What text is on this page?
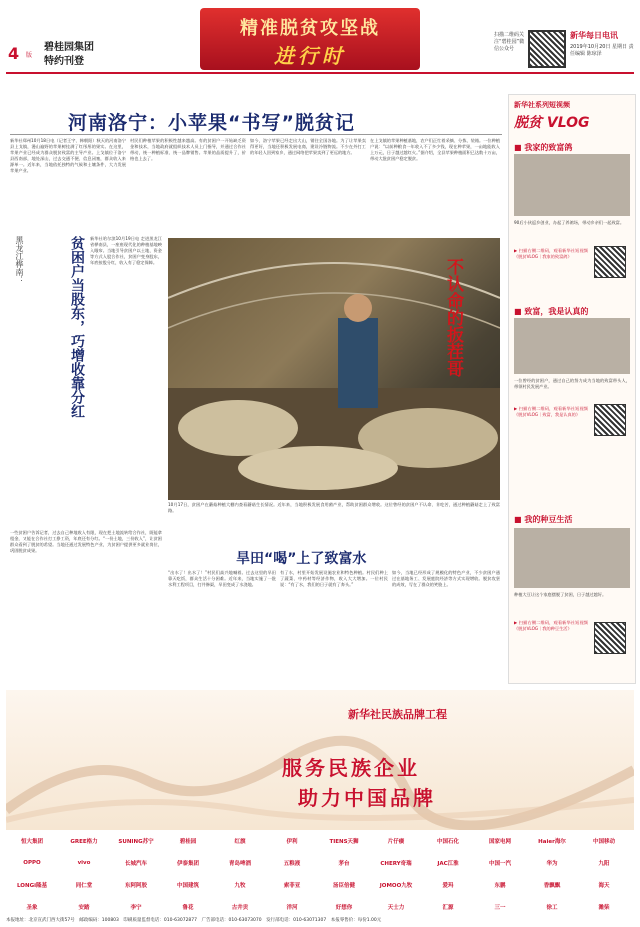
4 版
碧桂园集团
特约刊登
精准脱贫攻坚战
进行时
扫描二维码关注“碧桂园”微信公众号
新华每日电讯
2019年10月20日 星期日 责任编辑 陈琼泽
河南洛宁：小苹果“书写”脱贫记
新华社郑州10月18日电（记者王宇、韩朝阳）秋天的河南洛宁县上戈镇，漫山遍野的苹果树挂满了红彤彤的果实。在这里，苹果产业已经成为群众脱贫致富的主导产业。上戈镇位于洛宁县西南部，地处深山，过去交通不便、信息闭塞，群众收入来源单一。近年来，当地依托独特的气候和土壤条件，大力发展苹果产业。
村民们种植苹果的积极性越来越高。有的贫困户一开始缺乏资金和技术，当地政府就组织技术人员上门指导，并通过合作社带动，统一种植标准、统一品牌销售。苹果的品质提升了，价格也上去了。
如今，洛宁苹果已经走出大山，销往全国各地。为了让苹果卖得更好，当地还积极发展电商，建设冷链物流。不少在外打工的年轻人回到家乡，通过网络把苹果卖到了更远的地方。
在上戈镇的苹果种植基地，农户们正忙着采摘、分拣、装箱。一位种植户说：“以前种粮食一年收入不了多少钱，现在种苹果，一亩地能收入上万元，日子越过越红火。”据介绍，全县苹果种植面积已达数十万亩，带动大批贫困户稳定脱贫。
黑龙江桦南：	贫困户当股东，巧增收靠分红	新华社哈尔滨10月19日电 走进黑龙江省桦南县，一座座现代化的种植基地映入眼帘。当地引导贫困户以土地、资金等方式入股合作社，贫困户变身股东，年底按股分红，收入有了稳定保障。
一些贫困户告诉记者，过去自己种地收入有限，现在把土地流转给合作社，既能拿租金，又能在合作社打工挣工资，年底还有分红。“一份土地，三份收入”，让贫困群众看到了脱贫的希望。当地还通过发展特色产业，为贫困户提供更多就业岗位，巩固脱贫成果。
不认命的扳茬哥
10月17日，贫困户在蘑菇种植大棚内查看蘑菇生长情况。近年来，当地积极发展食用菌产业，帮助贫困群众增收。这位曾经的贫困户不认命、肯吃苦，通过种植蘑菇走上了致富路。
旱田“喝”上了致富水
“出水了！出水了！”村民们高兴地喊着。过去这里的旱田靠天吃饭，群众生活十分困难。近年来，当地实施了一批水利工程项目，打井修渠，旱田变成了水浇地。
有了水，村里开始发展设施农业和特色种植。村民们种上了蔬菜、中药材等经济作物，收入大大增加。一位村民说：“有了水，我们的日子就有了奔头。”
如今，当地已经形成了规模化的特色产业，不少贫困户通过在基地务工、发展庭院经济等方式实现增收。脱贫攻坚的成效，写在了群众的笑脸上。
新华社系列短视频
脱贫 VLOG
■ 我家的致富鸽
90后小伙返乡创业，办起了养鸽场，带动乡亲们一起致富。
▶ 扫描右侧二维码，观看新华社短视频《脱贫VLOG｜我家的致富鸽》
■ 致富，我是认真的
一位曾经的贫困户，通过自己的努力成为当地的致富带头人，带领村民发展产业。
▶ 扫描右侧二维码，观看新华社短视频《脱贫VLOG｜致富，我是认真的》
■ 我的种豆生活
种植大豆让这个家庭摆脱了贫困，日子越过越好。
▶ 扫描右侧二维码，观看新华社短视频《脱贫VLOG｜我的种豆生活》
新华社民族品牌工程
服务民族企业
助力中国品牌
恒大集团	GREE格力	SUNING苏宁	碧桂园	红旗	伊利	TIENS天狮	片仔癀	中国石化	国家电网	Haier海尔	中国移动
OPPO	vivo	长城汽车	伊泰集团	青岛啤酒	五粮液	茅台	CHERY奇瑞	JAC江淮	中国一汽	华为	九阳
LONGi隆基	同仁堂	东阿阿胶	中国建筑	九牧	索菲亚	汤臣倍健	JOMOO九牧	爱玛	东鹏	香飘飘	海天
圣象	安踏	李宁	鲁花	古井贡	洋河	好想你	天士力	汇源	三一	徐工	潍柴
本报地址：北京宣武门西大街57号　邮政编码：100803　印刷质量监督电话：010-63072877　广告部电话：010-63073070　发行部电话：010-63071307　本报零售价：每份1.00元
